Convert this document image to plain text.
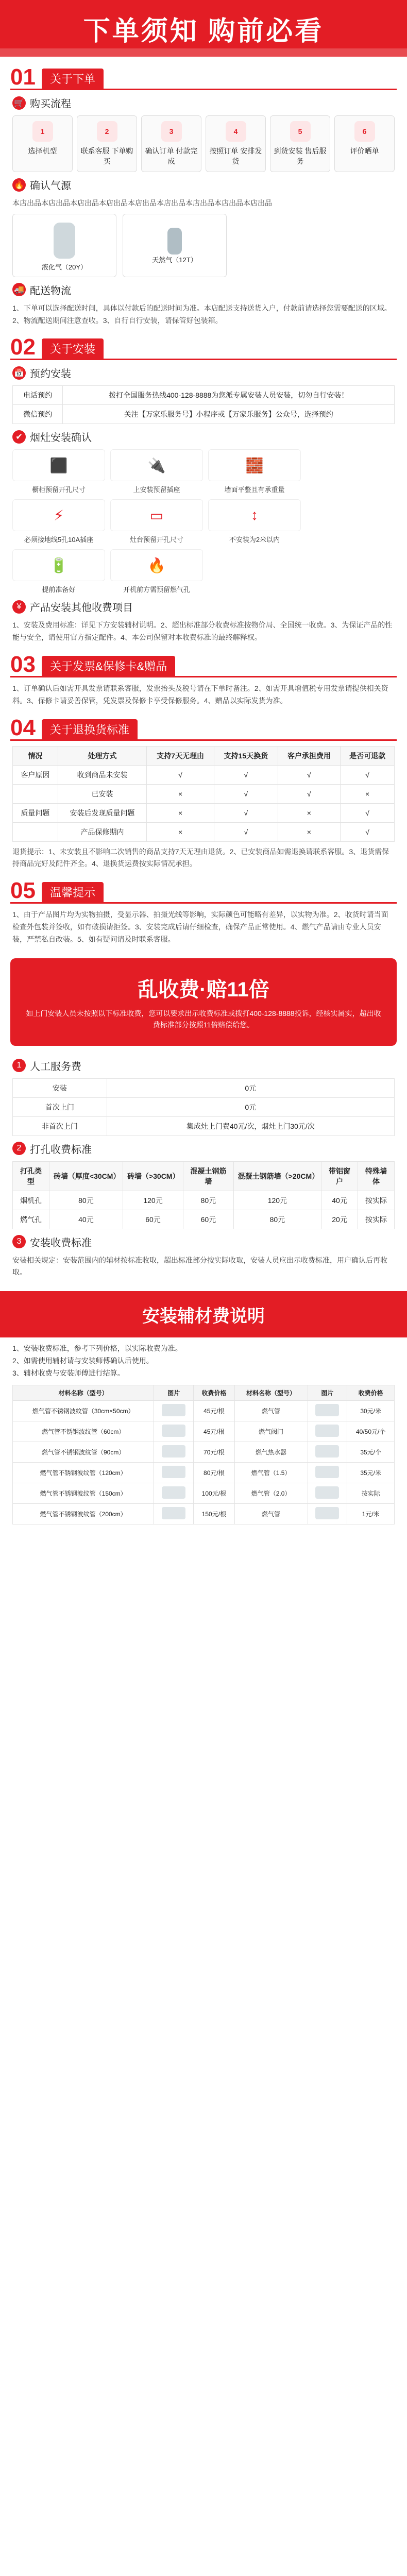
下单须知 购前必看
01	关于下单
🛒 购买流程
1
选择机型
2
联系客服 下单购买
3
确认订单 付款完成
4
按照订单 安排发货
5
到货安装 售后服务
6
评价晒单
🔥 确认气源
本店出品本店出品本店出品本店出品本店出品本店出品本店出品本店出品本店出品
液化气（20Y）
天然气（12T）
🚚 配送物流
1、下单可以选择配送时间，具体以付款后的配送时间为准。本店配送支持送货入户，付款前请选择您需要配送的区域。2、物流配送期间注意查收。3、自行自行安装，请保管好包装箱。
02	关于安装
📅 预约安装
电话预约	拨打全国服务热线400-128-8888为您派专属安装人员安装，切勿自行安装！
微信预约	关注【万家乐服务号】小程序或【万家乐服务】公众号，选择预约
✔ 烟灶安装确认
⬛
橱柜预留开孔尺寸
🔌
上安装预留插座
🧱
墙面平整且有承重量
⚡
必须接地线5孔10A插座
▭
灶台预留开孔尺寸
↕
不安装为2米以内
🔋
提前准备好
🔥
开机前方需预留燃气孔
¥ 产品安装其他收费项目
1、安装及费用标准：详见下方安装辅材说明。2、超出标准部分收费标准按物价局、全国统一收费。3、为保证产品的性能与安全，请使用官方指定配件。4、本公司保留对本收费标准的最终解释权。
03	关于发票&保修卡&赠品
1、订单确认后如需开具发票请联系客服，发票抬头及税号请在下单时备注。2、如需开具增值税专用发票请提供相关资料。3、保修卡请妥善保管，凭发票及保修卡享受保修服务。4、赠品以实际发货为准。
04	关于退换货标准
情况	处理方式	支持7天无理由	支持15天换货	客户承担费用	是否可退款
客户原因	收到商品未安装	√	√	√	√
	已安装	×	√	√	×
质量问题	安装后发现质量问题	×	√	×	√
	产品保修期内	×	√	×	√
退货提示：1、未安装且不影响二次销售的商品支持7天无理由退货。2、已安装商品如需退换请联系客服。3、退货需保持商品完好及配件齐全。4、退换货运费按实际情况承担。
05	温馨提示
1、由于产品图片均为实物拍摄，受显示器、拍摄光线等影响，实际颜色可能略有差异，以实物为准。2、收货时请当面检查外包装并签收，如有破损请拒签。3、安装完成后请仔细检查，确保产品正常使用。4、燃气产品请由专业人员安装，严禁私自改装。5、如有疑问请及时联系客服。
乱收费·赔11倍
如上门安装人员未按照以下标准收费，您可以要求出示收费标准或拨打400-128-8888投诉，经核实属实，超出收费标准部分按照11倍赔偿给您。
1 人工服务费
安装	0元
首次上门	0元
非首次上门	集成灶上门费40元/次，烟灶上门30元/次
2 打孔收费标准
打孔类型	砖墙（厚度<30CM）	砖墙（>30CM）	混凝土钢筋墙	混凝土钢筋墙（>20CM）	带铝窗户	特殊墙体
烟机孔	80元	120元	80元	120元	40元	按实际
燃气孔	40元	60元	60元	80元	20元	按实际
3 安装收费标准
安装相关规定：安装范围内的辅材按标准收取，超出标准部分按实际收取，安装人员应出示收费标准，用户确认后再收取。
安装辅材费说明
1、安装收费标准，参考下列价格，以实际收费为准。
2、如需使用辅材请与安装师傅确认后使用。
3、辅材收费与安装师傅进行结算。
材料名称（型号）	图片	收费价格	材料名称（型号）	图片	收费价格
燃气管不锈钢波纹管（30cm×50cm）		45元/根	燃气管		30元/米
燃气管不锈钢波纹管（60cm）		45元/根	燃气阀门		40/50元/个
燃气管不锈钢波纹管（90cm）		70元/根	燃气热水器		35元/个
燃气管不锈钢波纹管（120cm）		80元/根	燃气管（1.5）		35元/米
燃气管不锈钢波纹管（150cm）		100元/根	燃气管（2.0）		按实际
燃气管不锈钢波纹管（200cm）		150元/根	燃气管		1元/米
